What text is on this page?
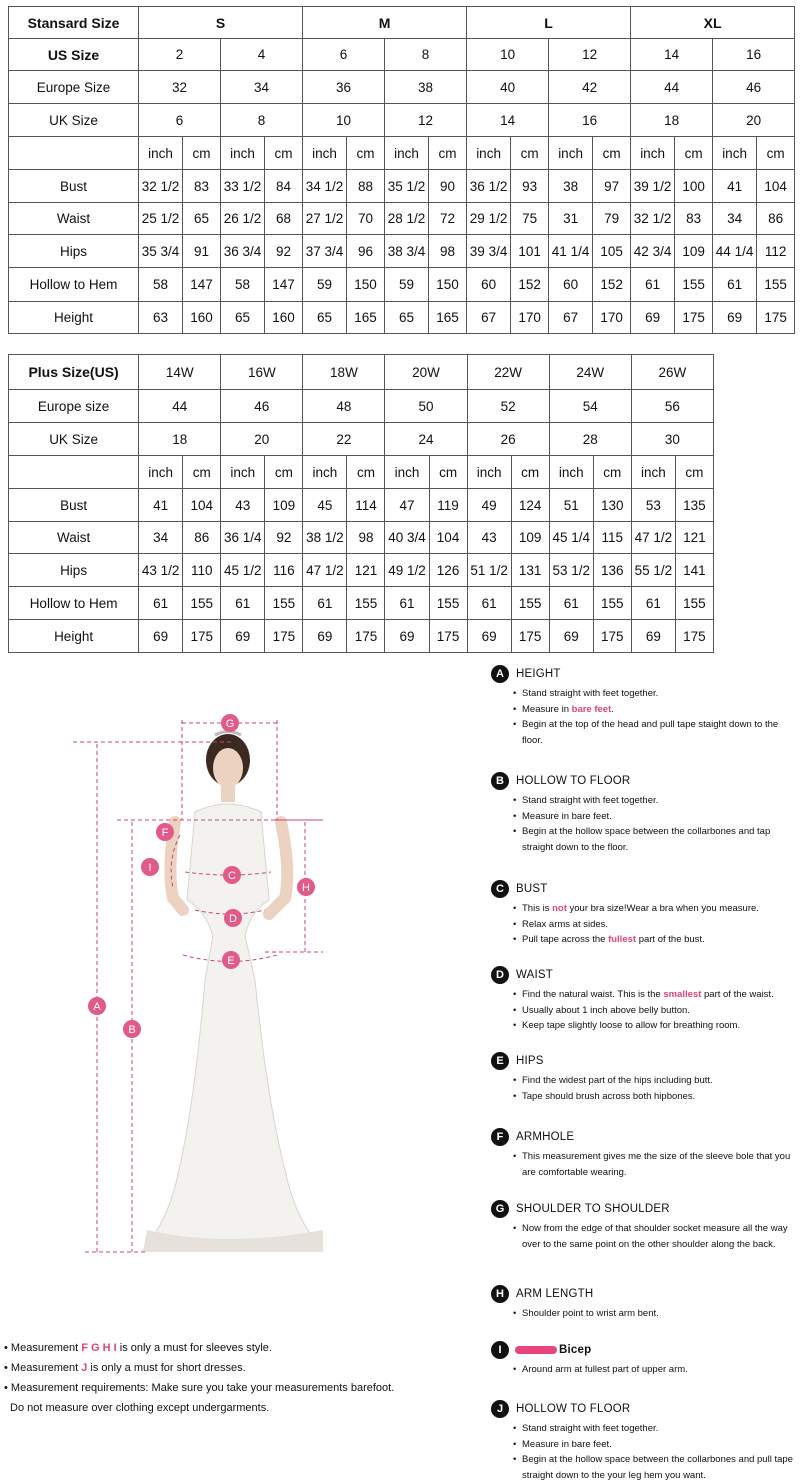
Stansard Size	S				M				L				XL			
US Size	2		4		6		8		10		12		14		16	
Europe Size	32		34		36		38		40		42		44		46	
UK Size	6		8		10		12		14		16		18		20	
	inch	cm	inch	cm	inch	cm	inch	cm	inch	cm	inch	cm	inch	cm	inch	cm
Bust	32 1/2	83	33 1/2	84	34 1/2	88	35 1/2	90	36 1/2	93	38	97	39 1/2	100	41	104
Waist	25 1/2	65	26 1/2	68	27 1/2	70	28 1/2	72	29 1/2	75	31	79	32 1/2	83	34	86
Hips	35 3/4	91	36 3/4	92	37 3/4	96	38 3/4	98	39 3/4	101	41 1/4	105	42 3/4	109	44 1/4	112
Hollow to Hem	58	147	58	147	59	150	59	150	60	152	60	152	61	155	61	155
Height	63	160	65	160	65	165	65	165	67	170	67	170	69	175	69	175
Plus Size(US)	14W		16W		18W		20W		22W		24W		26W	
Europe size	44		46		48		50		52		54		56	
UK Size	18		20		22		24		26		28		30	
	inch	cm	inch	cm	inch	cm	inch	cm	inch	cm	inch	cm	inch	cm
Bust	41	104	43	109	45	114	47	119	49	124	51	130	53	135
Waist	34	86	36 1/4	92	38 1/2	98	40 3/4	104	43	109	45 1/4	115	47 1/2	121
Hips	43 1/2	110	45 1/2	116	47 1/2	121	49 1/2	126	51 1/2	131	53 1/2	136	55 1/2	141
Hollow to Hem	61	155	61	155	61	155	61	155	61	155	61	155	61	155
Height	69	175	69	175	69	175	69	175	69	175	69	175	69	175
G
F
I
C
H
D
E
A
B
A	HEIGHT
• Stand straight with feet together.
• Measure in bare feet.
• Begin at the top of the head and pull tape staight down to the floor.
B	HOLLOW TO FLOOR
• Stand straight with feet together.
• Measure in bare feet.
• Begin at the hollow space between the collarbones and tap straight down to the floor.
C	BUST
• This is not your bra size!Wear a bra when you measure.
• Relax arms at sides.
• Pull tape across the fullest part of the bust.
D	WAIST
• Find the natural waist. This is the smallest part of the waist.
• Usually about 1 inch above belly button.
• Keep tape slightly loose to allow for breathing room.
E	HIPS
• Find the widest part of the hips including butt.
• Tape should brush across both hipbones.
F	ARMHOLE
• This measurement gives me the size of the sleeve bole that you are comfortable wearing.
G	SHOULDER TO SHOULDER
• Now from the edge of that shoulder socket measure all the way over to the same point on the other shoulder along the back.
H	ARM LENGTH
• Shoulder point to wrist arm bent.
I	Bicep
• Around arm at fullest part of upper arm.
J	HOLLOW TO FLOOR
• Stand straight with feet together.
• Measure in bare feet.
• Begin at the hollow space between the collarbones and pull tape straight down to the your leg hem you want.
• Measurement F G H I is only a must for sleeves style.
• Measurement J is only a must for short dresses.
• Measurement requirements: Make sure you take your measurements barefoot.
Do not measure over clothing except undergarments.
